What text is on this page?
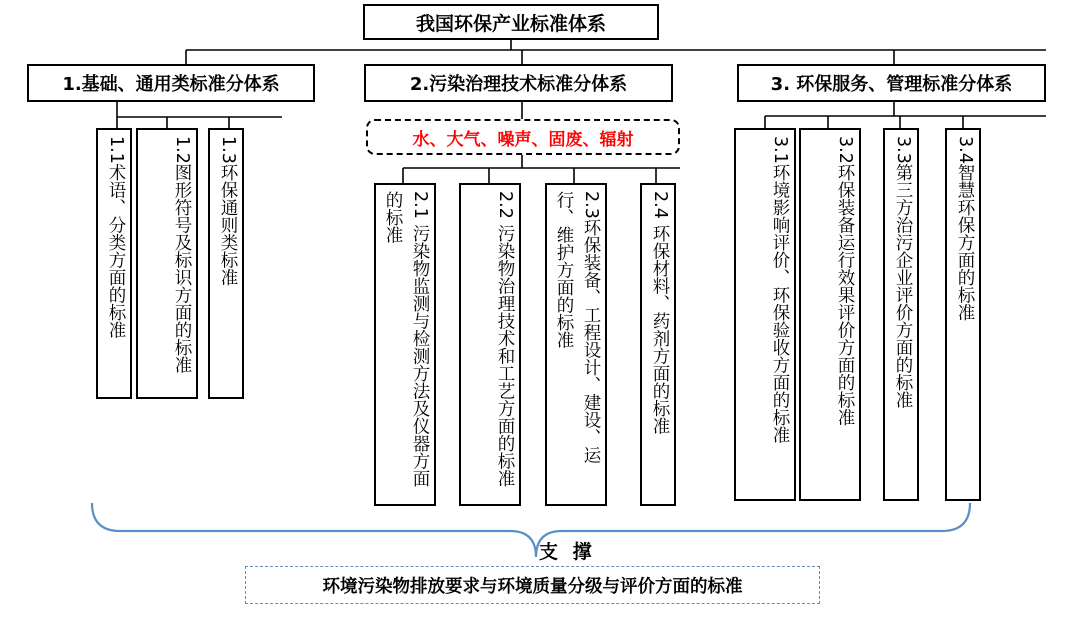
我国环保产业标准体系
1.基础、通用类标准分体系	2.污染治理技术标准分体系	3. 环保服务、管理标准分体系
水、大气、噪声、固废、辐射
1.1术语、分类方面的标准	1.2图形符号及标识方面的标准	1.3环保通则类标准	2.1 污染物监测与检测方法及仪器方面的标准	2.2 污染物治理技术和工艺方面的标准	2.3环保装备、工程设计、建设、运行、维护方面的标准	2.4 环保材料、药剂方面的标准	3.1环境影响评价、环保验收方面的标准	3.2环保装备运行效果评价方面的标准	3.3第三方治污企业评价方面的标准	3.4智慧环保方面的标准
支 撑
环境污染物排放要求与环境质量分级与评价方面的标准
